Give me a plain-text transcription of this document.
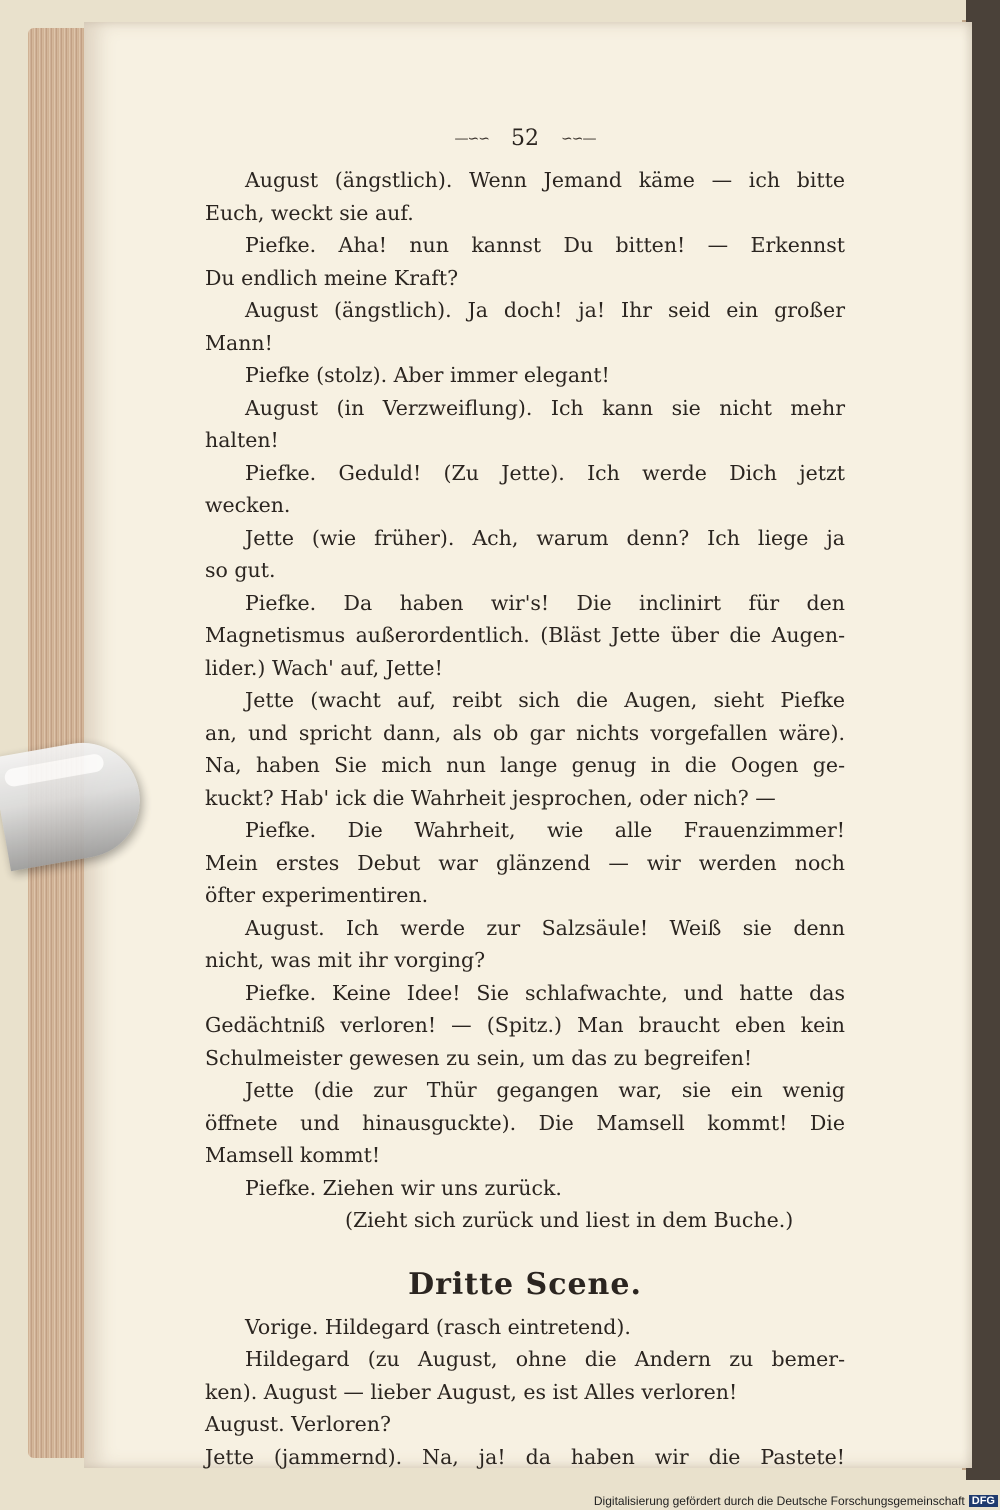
—∽∽ 52 ∽∽—
August (ängstlich). Wenn Jemand käme — ich bitte
Euch, weckt sie auf.
Piefke. Aha! nun kannst Du bitten! — Erkennst
Du endlich meine Kraft?
August (ängstlich). Ja doch! ja! Ihr seid ein großer
Mann!
Piefke (stolz). Aber immer elegant!
August (in Verzweiflung). Ich kann sie nicht mehr
halten!
Piefke. Geduld! (Zu Jette). Ich werde Dich jetzt
wecken.
Jette (wie früher). Ach, warum denn? Ich liege ja
so gut.
Piefke. Da haben wir's! Die inclinirt für den
Magnetismus außerordentlich. (Bläst Jette über die Augen-
lider.) Wach' auf, Jette!
Jette (wacht auf, reibt sich die Augen, sieht Piefke
an, und spricht dann, als ob gar nichts vorgefallen wäre).
Na, haben Sie mich nun lange genug in die Oogen ge-
kuckt? Hab' ick die Wahrheit jesprochen, oder nich? —
Piefke. Die Wahrheit, wie alle Frauenzimmer!
Mein erstes Debut war glänzend — wir werden noch
öfter experimentiren.
August. Ich werde zur Salzsäule! Weiß sie denn
nicht, was mit ihr vorging?
Piefke. Keine Idee! Sie schlafwachte, und hatte das
Gedächtniß verloren! — (Spitz.) Man braucht eben kein
Schulmeister gewesen zu sein, um das zu begreifen!
Jette (die zur Thür gegangen war, sie ein wenig
öffnete und hinausguckte). Die Mamsell kommt! Die
Mamsell kommt!
Piefke. Ziehen wir uns zurück.
(Zieht sich zurück und liest in dem Buche.)
Dritte Scene.
Vorige. Hildegard (rasch eintretend).
Hildegard (zu August, ohne die Andern zu bemer-
ken). August — lieber August, es ist Alles verloren!
August. Verloren?
Jette (jammernd). Na, ja! da haben wir die Pastete!
Digitalisierung gefördert durch die Deutsche Forschungsgemeinschaft DFG
